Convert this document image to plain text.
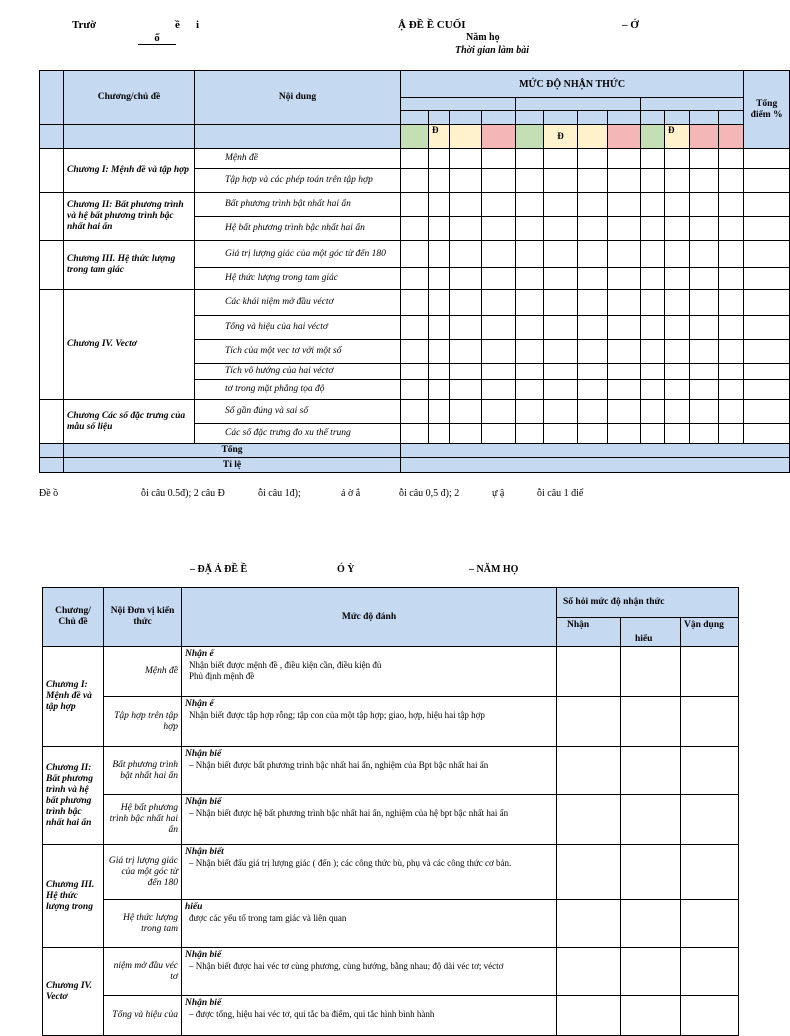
Trườ	ề i
ổ
Ậ ĐỀ Ề CUỐI	– Ớ
Năm họ
Thời gian làm bài
	Chương/chủ đề	Nội dung	MỨC ĐỘ NHẬN THỨC												Tổng điểm %

				Đ				Đ				Đ			
	Chương I: Mệnh đề và tập hợp	Mệnh đề													
		Tập hợp và các phép toán trên tập hợp													
	Chương II: Bất phương trình và hệ bất phương trình bậc nhất hai ẩn	Bất phương trình bật nhất hai ẩn													
		Hệ bất phương trình bậc nhất hai ẩn													
	Chương III. Hệ thức lượng trong tam giác	Giá trị lượng giác của một góc từ đến 180													
		Hệ thức lượng trong tam giác													
	Chương IV. Vectơ	Các khái niệm mở đầu véctơ													
		Tổng và hiệu của hai véctơ													
		Tích của một vec tơ với một số													
		Tích vô hướng của hai véctơ													
		tơ trong mặt phẳng tọa độ													
	Chương Các số đặc trưng của mẫu số liệu	Số gần đúng và sai số													
		Các số đặc trưng đo xu thế trung													
	Tổng														
	Tỉ lệ														
Đề ồ	ỗi câu 0.5đ); 2 câu Đ	ỗi câu 1đ);	á ờ ắ	ỗi câu 0,5 đ); 2	ự ậ	ỗi câu 1 điể
– ĐẶ Ả ĐỀ Ề	Ó Ỳ	– NĂM HỌ
Chương/ Chủ đề	Nội Đơn vị kiến thức	Mức độ đánh	Số hỏi mức độ nhận thức		
			Nhận	hiểu	Vận dụng
Chương I: Mệnh đề và tập hợp	Mệnh đề	Nhận ế
Nhận biết được mệnh đề , điều kiện cần, điều kiện đủ
Phủ định mệnh đề			

	Tập hợp trên tập hợp	Nhận ế
Nhận biết được tập hợp rỗng; tập con của một tập hợp; giao, hợp, hiệu hai tập hợp			

Chương II: Bất phương trình và hệ bất phương trình bậc nhất hai ẩn	Bất phương trình bật nhất hai ẩn	Nhận biế
– Nhận biết được bất phương trình bậc nhất hai ẩn, nghiệm của Bpt bậc nhất hai ẩn			

	Hệ bất phương trình bậc nhất hai ẩn	Nhận biế
– Nhận biết được hệ bất phương trình bậc nhất hai ẩn, nghiệm của hệ bpt bậc nhất hai ẩn			

Chương III. Hệ thức lượng trong	Giá trị lượng giác của một góc từ đến 180	Nhận biết
– Nhận biết đấu giá trị lượng giác ( đến ); các công thức bù, phụ và các công thức cơ bản.			

	Hệ thức lượng trong tam	hiểu
được các yếu tố trong tam giác và liên quan			

Chương IV. Vectơ	niệm mở đầu véc tơ	Nhận biế
– Nhận biết được hai véc tơ cùng phương, cùng hướng, bằng nhau; độ dài véc tơ; véctơ			

	Tổng và hiệu của	Nhận biế
– được tổng, hiệu hai véc tơ, qui tắc ba điểm, qui tắc hình bình hành			
